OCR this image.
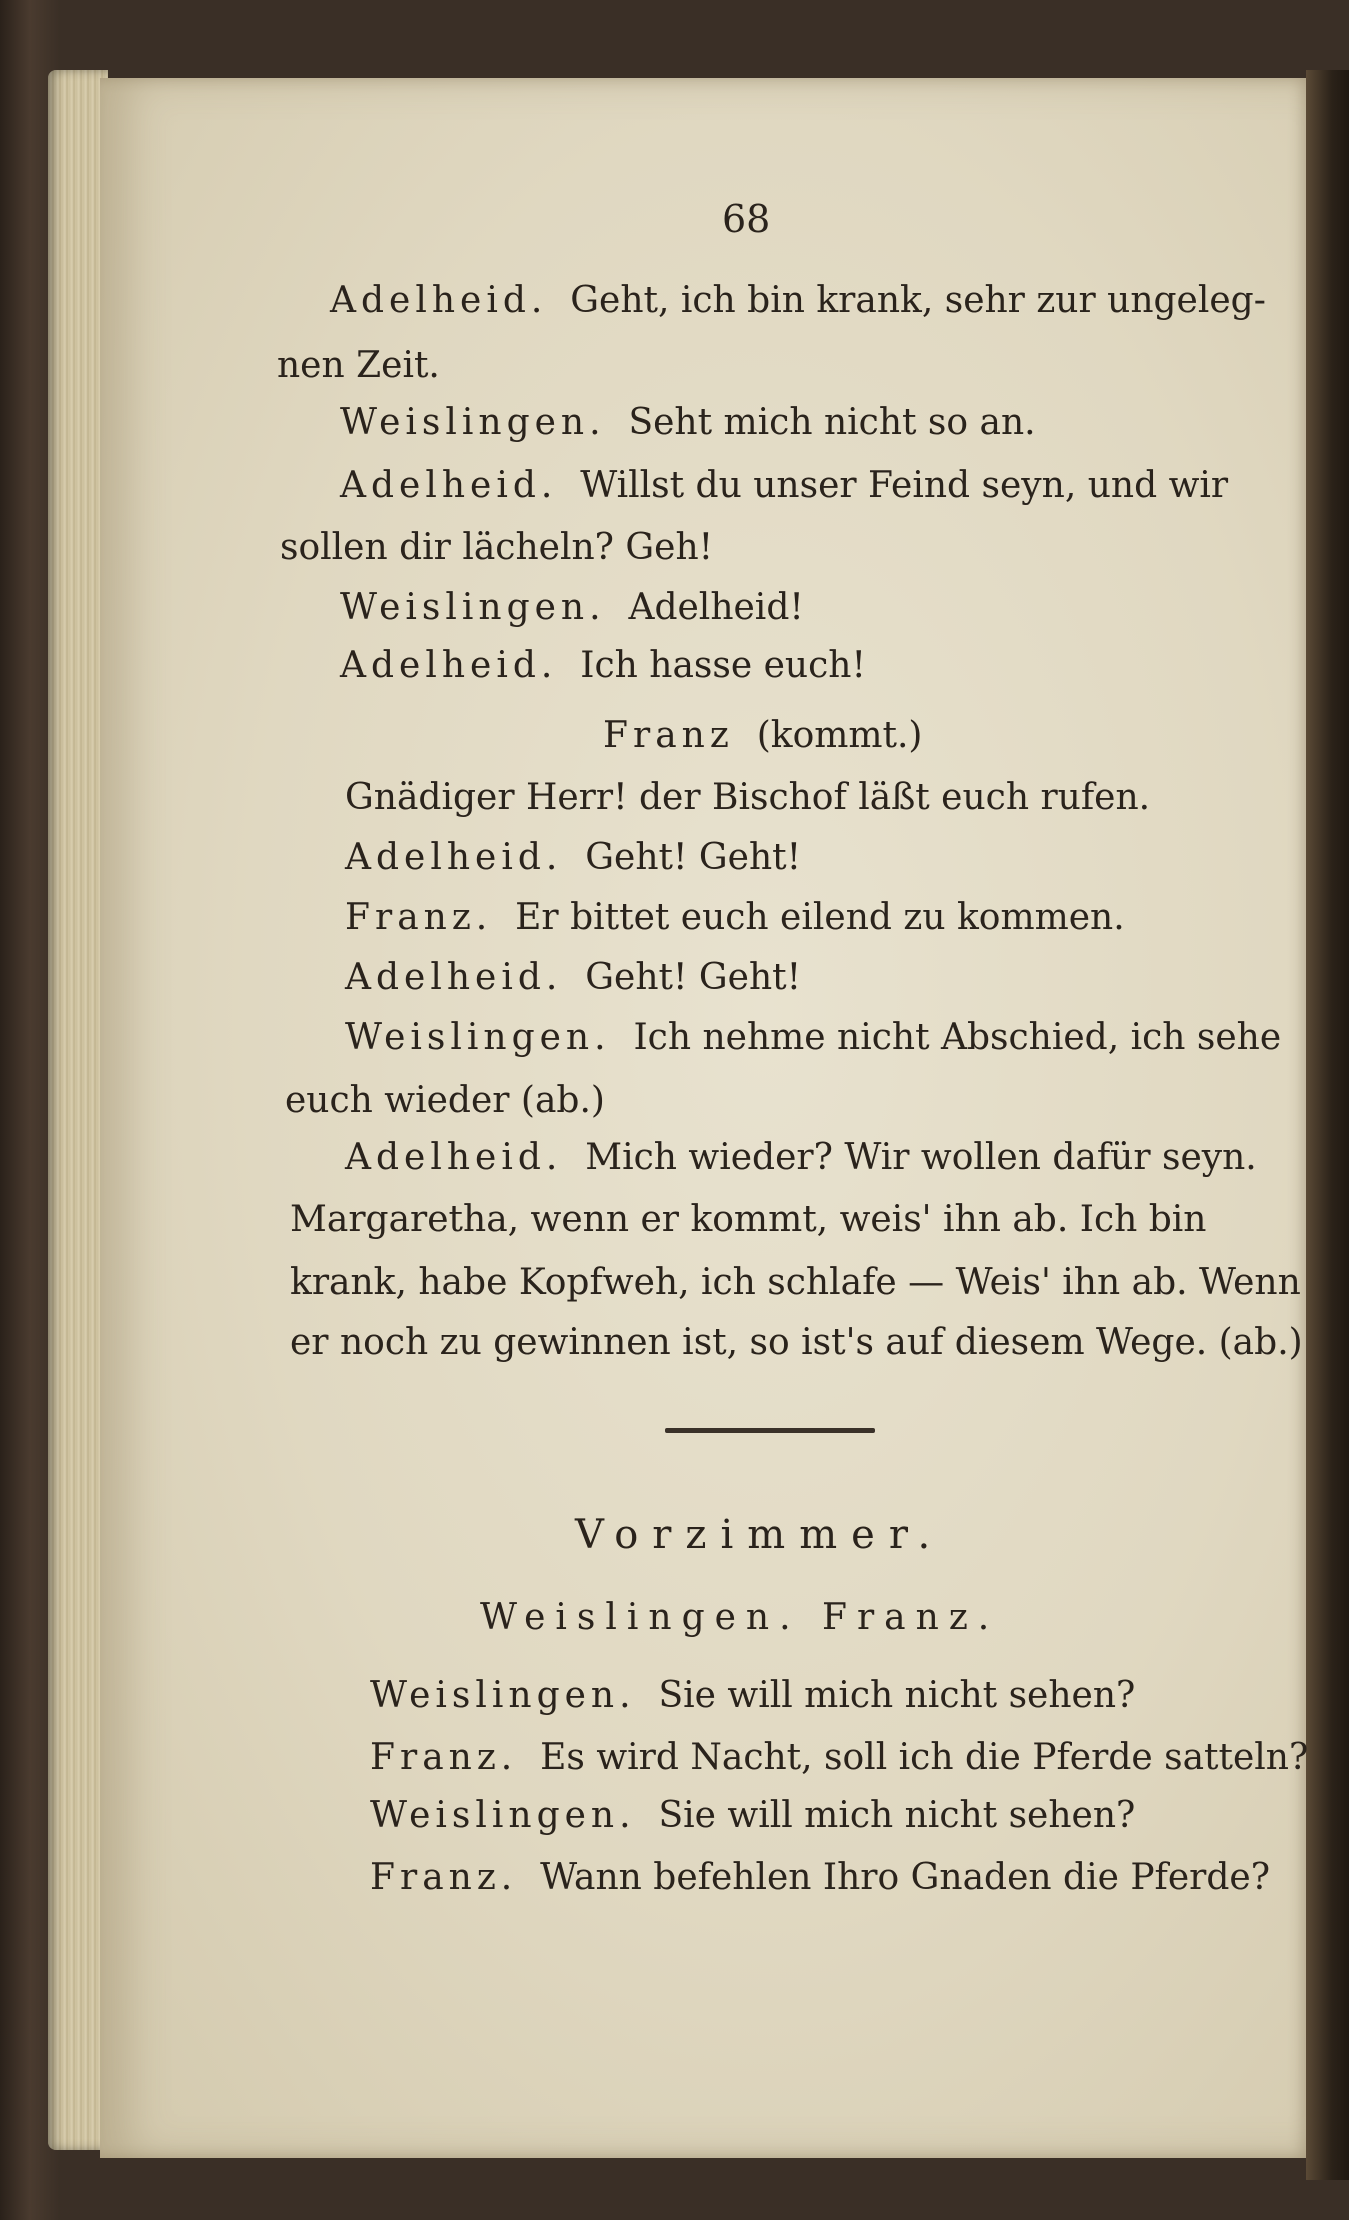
68
Adelheid. Geht, ich bin krank, sehr zur ungeleg-
nen Zeit.
Weislingen. Seht mich nicht so an.
Adelheid. Willst du unser Feind seyn, und wir
sollen dir lächeln? Geh!
Weislingen. Adelheid!
Adelheid. Ich hasse euch!
Franz (kommt.)
Gnädiger Herr! der Bischof läßt euch rufen.
Adelheid. Geht! Geht!
Franz. Er bittet euch eilend zu kommen.
Adelheid. Geht! Geht!
Weislingen. Ich nehme nicht Abschied, ich sehe
euch wieder (ab.)
Adelheid. Mich wieder? Wir wollen dafür seyn.
Margaretha, wenn er kommt, weis' ihn ab. Ich bin
krank, habe Kopfweh, ich schlafe — Weis' ihn ab. Wenn
er noch zu gewinnen ist, so ist's auf diesem Wege. (ab.)
Vorzimmer.
Weislingen. Franz.
Weislingen. Sie will mich nicht sehen?
Franz. Es wird Nacht, soll ich die Pferde satteln?
Weislingen. Sie will mich nicht sehen?
Franz. Wann befehlen Ihro Gnaden die Pferde?
